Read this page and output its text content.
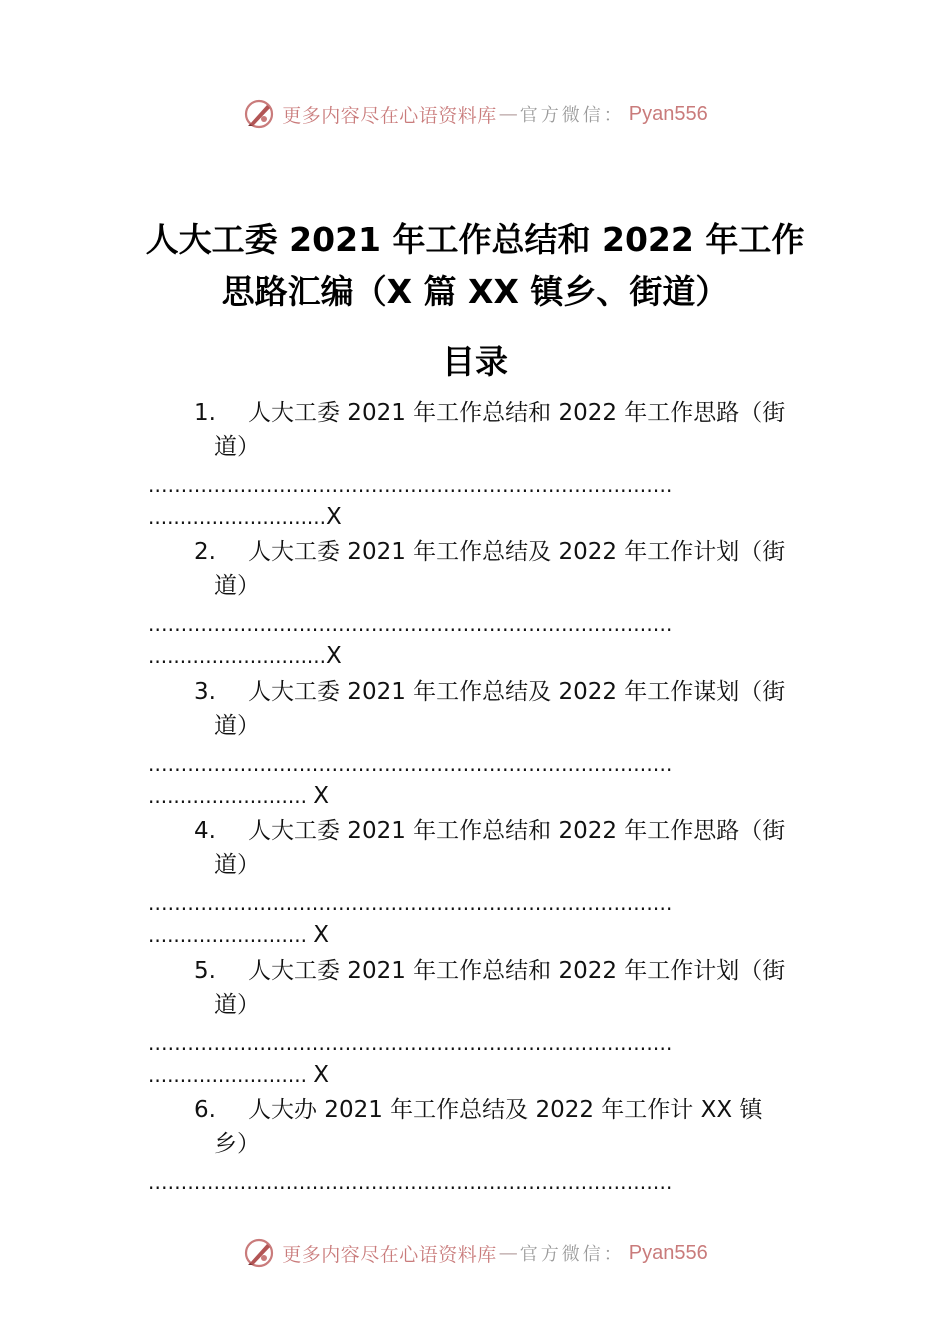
更多内容尽在心语资料库 — 官方微信： Pyan556
人大工委 2021 年工作总结和 2022 年工作
思路汇编（X 篇 XX 镇乡、街道）
目录
1. 人大工委 2021 年工作总结和 2022 年工作思路（街
道）
................................................................................
............................X
2. 人大工委 2021 年工作总结及 2022 年工作计划（街
道）
................................................................................
............................X
3. 人大工委 2021 年工作总结及 2022 年工作谋划（街
道）
................................................................................
......................... X
4. 人大工委 2021 年工作总结和 2022 年工作思路（街
道）
................................................................................
......................... X
5. 人大工委 2021 年工作总结和 2022 年工作计划（街
道）
................................................................................
......................... X
6. 人大办 2021 年工作总结及 2022 年工作计 XX 镇
乡）
................................................................................
更多内容尽在心语资料库 — 官方微信： Pyan556
